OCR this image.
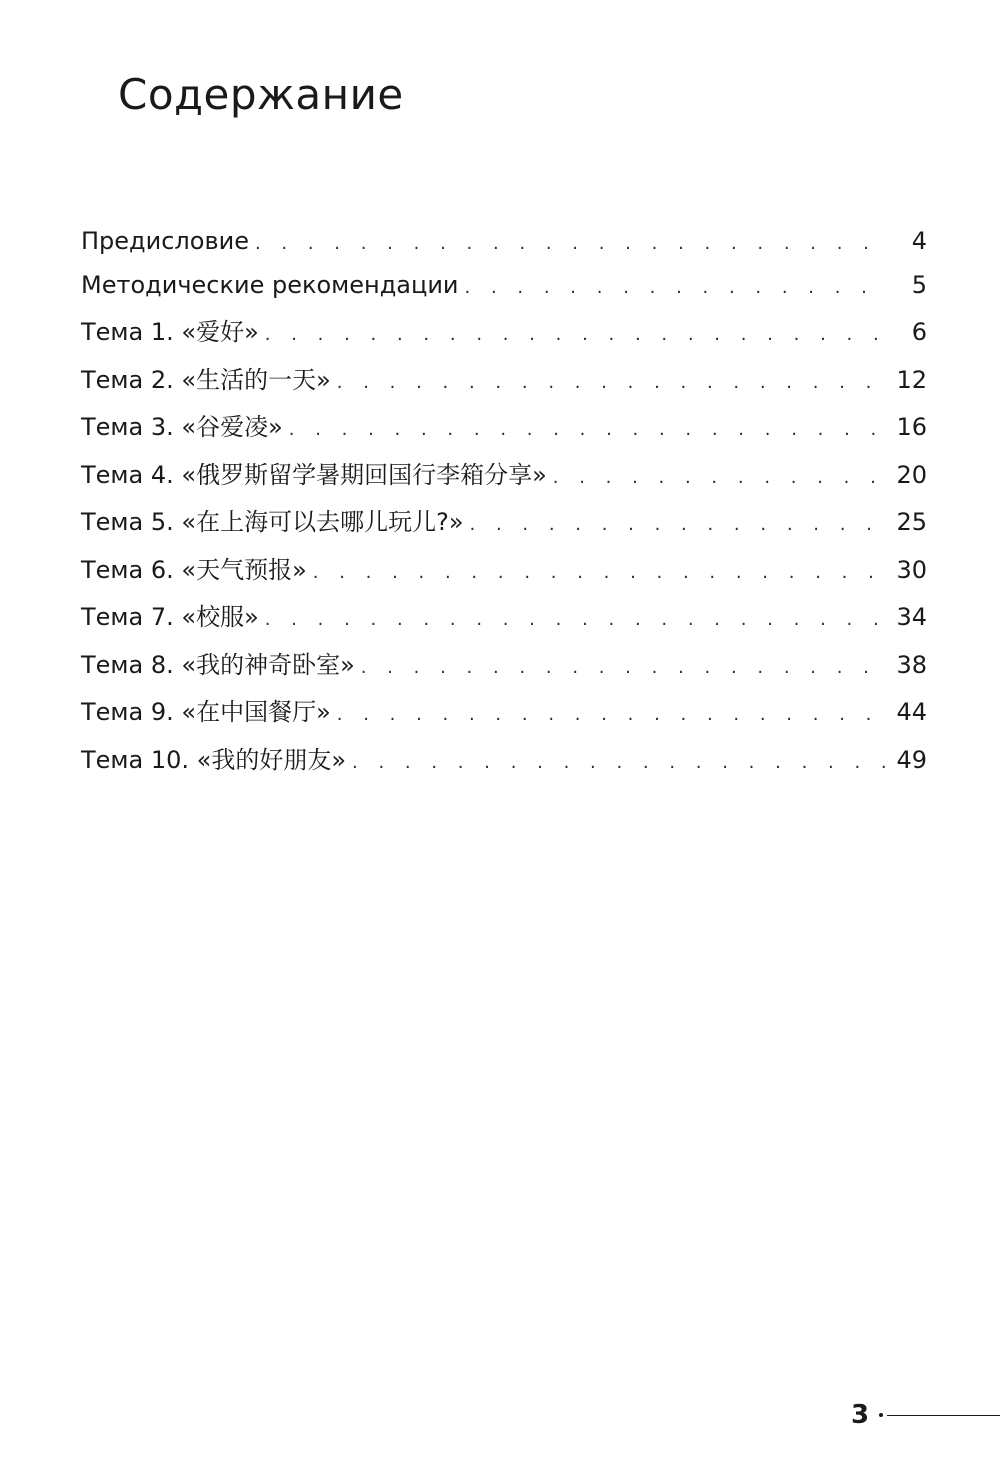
Содержание
Предисловие . . .	4
Методические рекомендации . . .	5
Тема 1. «爱好» . . .	6
Тема 2. «生活的一天» . . .	12
Тема 3. «谷爱凌» . . .	16
Тема 4. «俄罗斯留学暑期回国行李箱分享» . . .	20
Тема 5. «在上海可以去哪儿玩儿?» . . .	25
Тема 6. «天气预报» . . .	30
Тема 7. «校服» . . .	34
Тема 8. «我的神奇卧室» . . .	38
Тема 9. «在中国餐厅» . . .	44
Тема 10. «我的好朋友» . . .	49
3
